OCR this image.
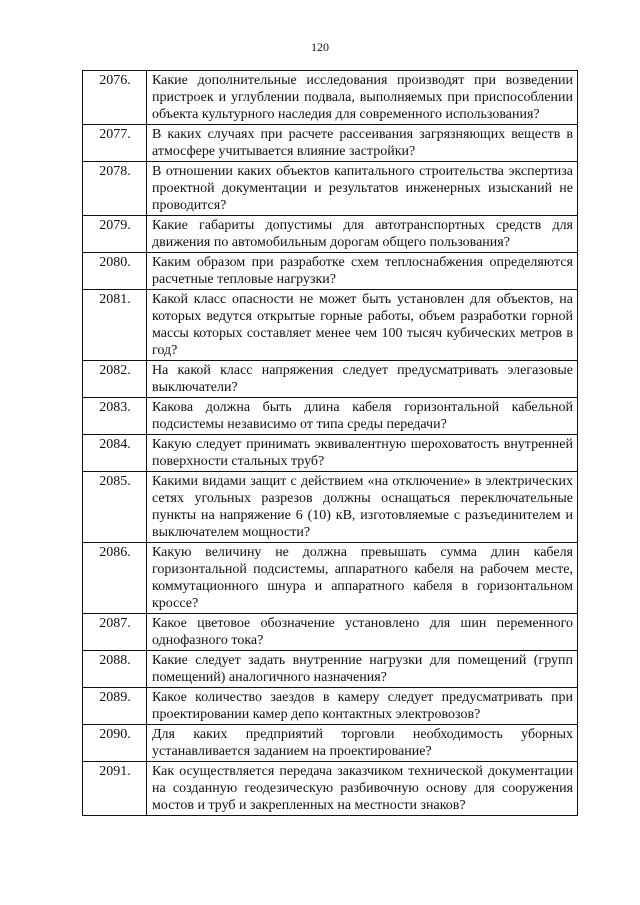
120
2076.	Какие дополнительные исследования производят при возведении пристроек и углублении подвала, выполняемых при приспособлении объекта культурного наследия для современного использования?
2077.	В каких случаях при расчете рассеивания загрязняющих веществ в атмосфере учитывается влияние застройки?
2078.	В отношении каких объектов капитального строительства экспертиза проектной документации и результатов инженерных изысканий не проводится?
2079.	Какие габариты допустимы для автотранспортных средств для движения по автомобильным дорогам общего пользования?
2080.	Каким образом при разработке схем теплоснабжения определяются расчетные тепловые нагрузки?
2081.	Какой класс опасности не может быть установлен для объектов, на которых ведутся открытые горные работы, объем разработки горной массы которых составляет менее чем 100 тысяч кубических метров в год?
2082.	На какой класс напряжения следует предусматривать элегазовые выключатели?
2083.	Какова должна быть длина кабеля горизонтальной кабельной подсистемы независимо от типа среды передачи?
2084.	Какую следует принимать эквивалентную шероховатость внутренней поверхности стальных труб?
2085.	Какими видами защит с действием «на отключение» в электрических сетях угольных разрезов должны оснащаться переключательные пункты на напряжение 6 (10) кВ, изготовляемые с разъединителем и выключателем мощности?
2086.	Какую величину не должна превышать сумма длин кабеля горизонтальной подсистемы, аппаратного кабеля на рабочем месте, коммутационного шнура и аппаратного кабеля в горизонтальном кроссе?
2087.	Какое цветовое обозначение установлено для шин переменного однофазного тока?
2088.	Какие следует задать внутренние нагрузки для помещений (групп помещений) аналогичного назначения?
2089.	Какое количество заездов в камеру следует предусматривать при проектировании камер депо контактных электровозов?
2090.	Для каких предприятий торговли необходимость уборных устанавливается заданием на проектирование?
2091.	Как осуществляется передача заказчиком технической документации на созданную геодезическую разбивочную основу для сооружения мостов и труб и закрепленных на местности знаков?
